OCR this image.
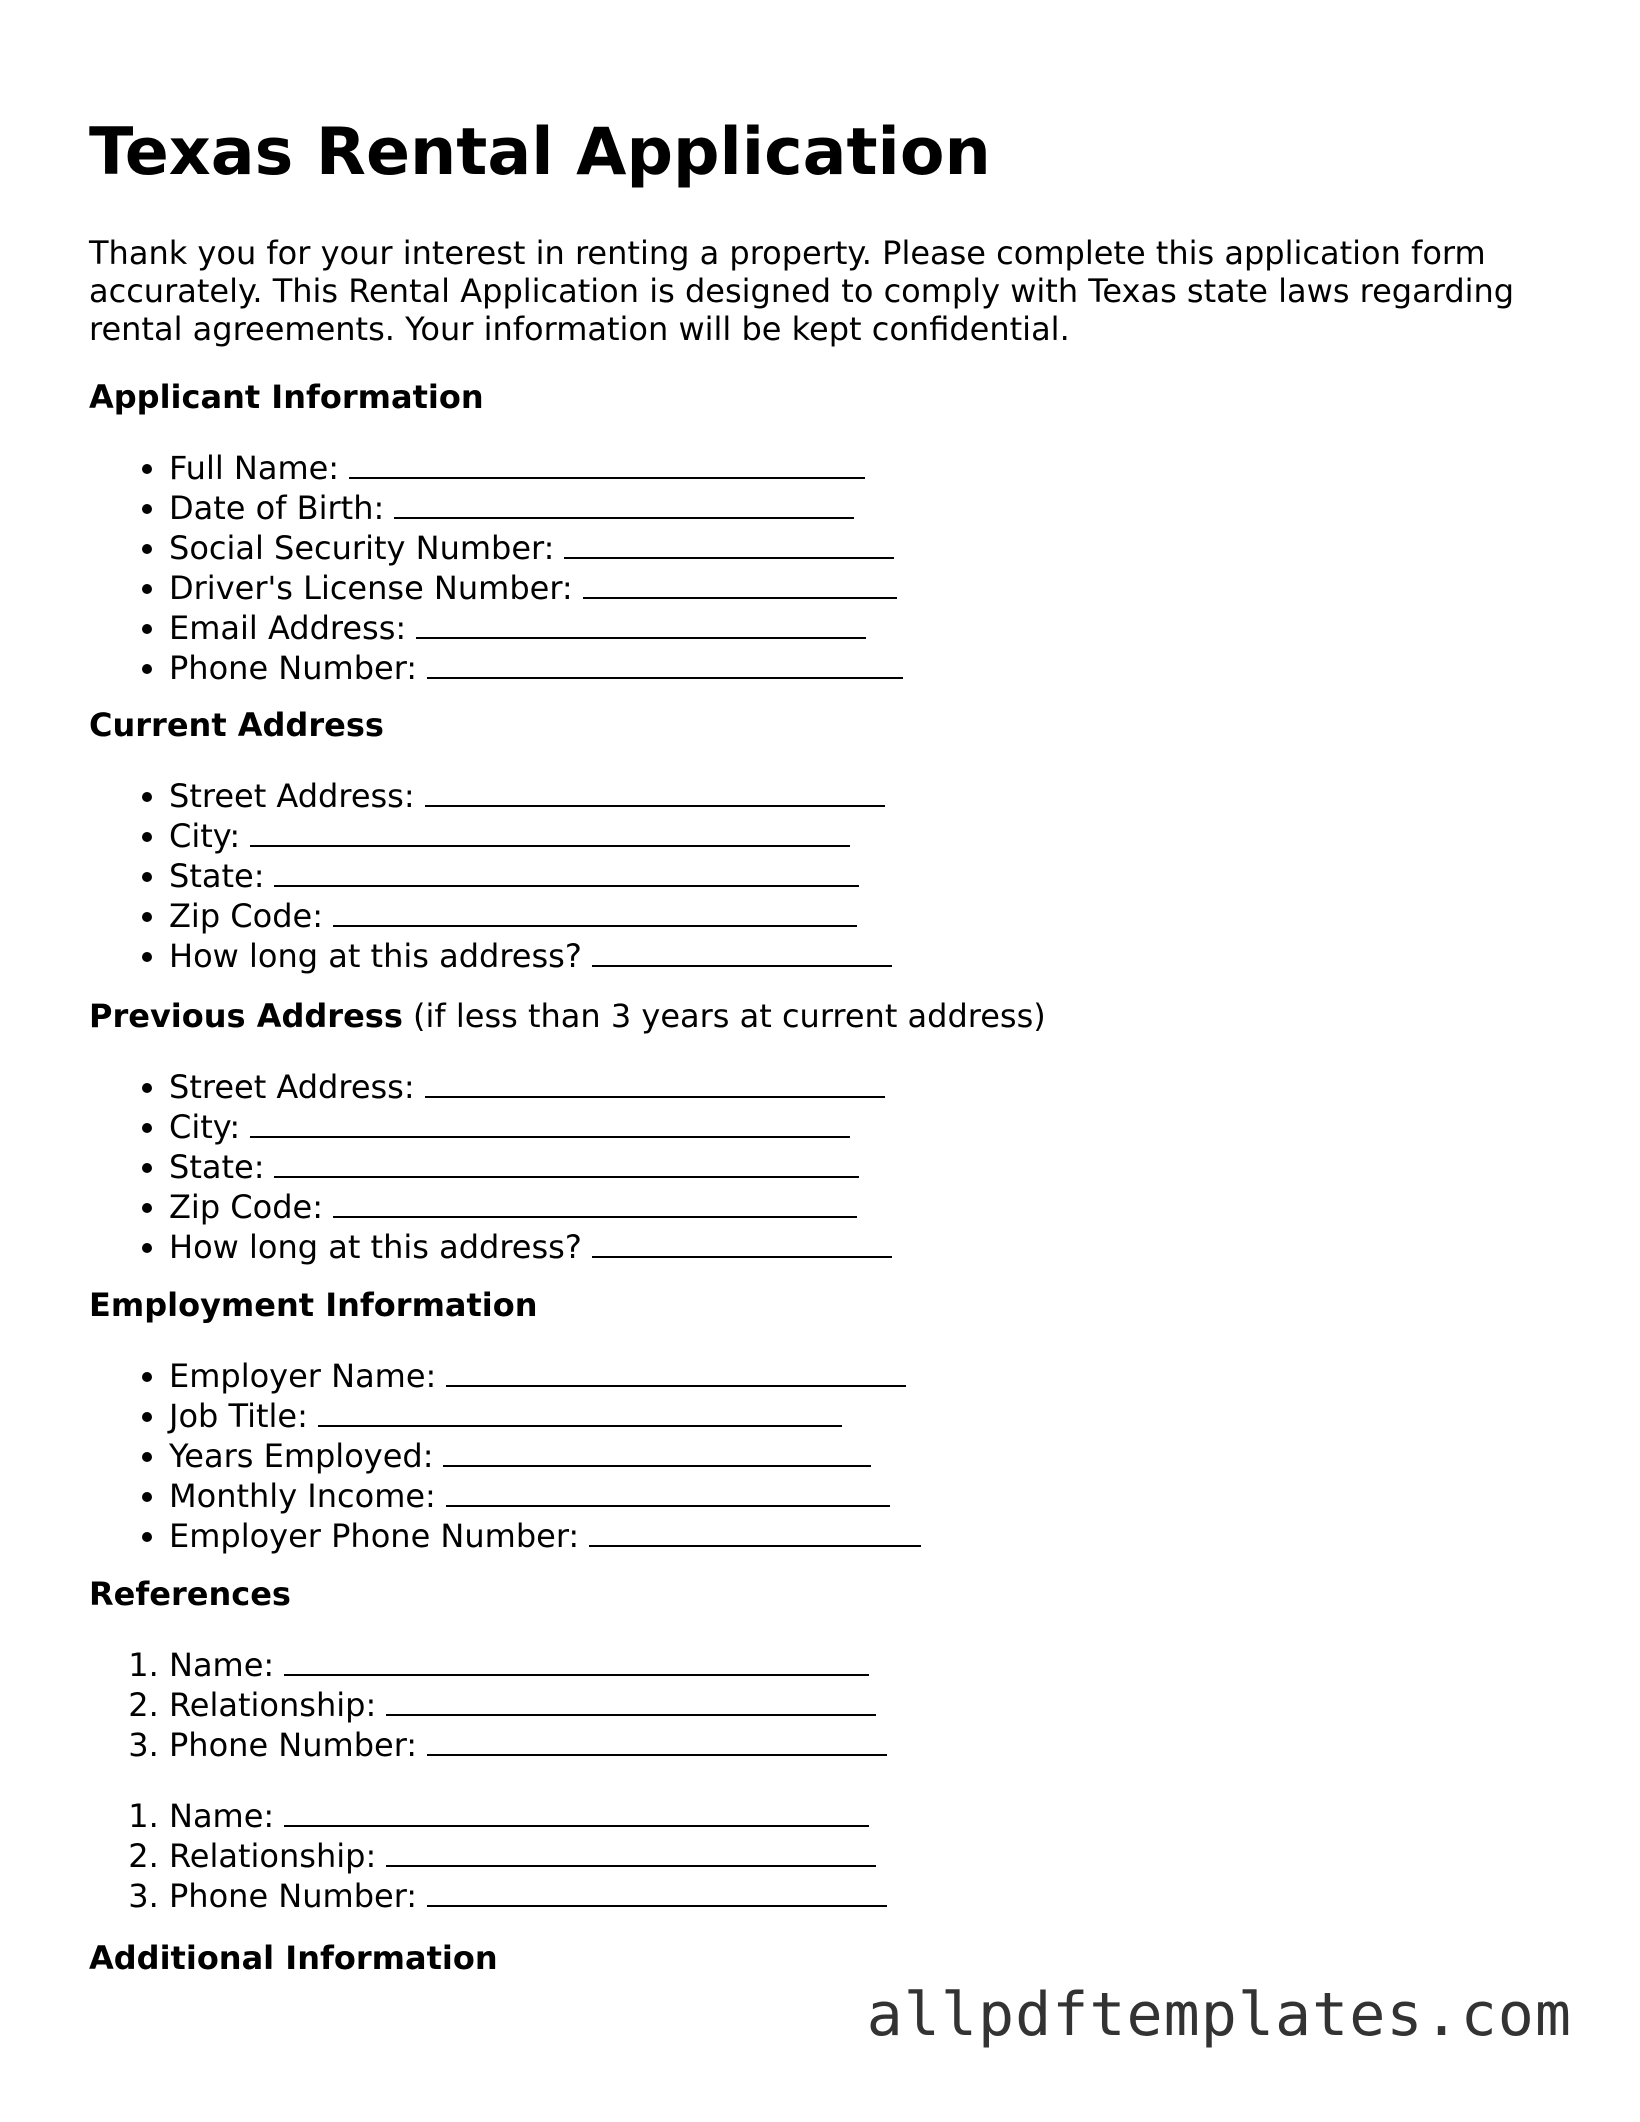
Texas Rental Application

Thank you for your interest in renting a property. Please complete this application form accurately. This Rental Application is designed to comply with Texas state laws regarding rental agreements. Your information will be kept confidential.

Applicant Information
• Full Name:
• Date of Birth:
• Social Security Number:
• Driver's License Number:
• Email Address:
• Phone Number:
Current Address
• Street Address:
• City:
• State:
• Zip Code:
• How long at this address?
Previous Address (if less than 3 years at current address)
• Street Address:
• City:
• State:
• Zip Code:
• How long at this address?
Employment Information
• Employer Name:
• Job Title:
• Years Employed:
• Monthly Income:
• Employer Phone Number:
References
1. Name:
2. Relationship:
3. Phone Number:
1. Name:
2. Relationship:
3. Phone Number:
Additional Information
allpdftemplates.com
